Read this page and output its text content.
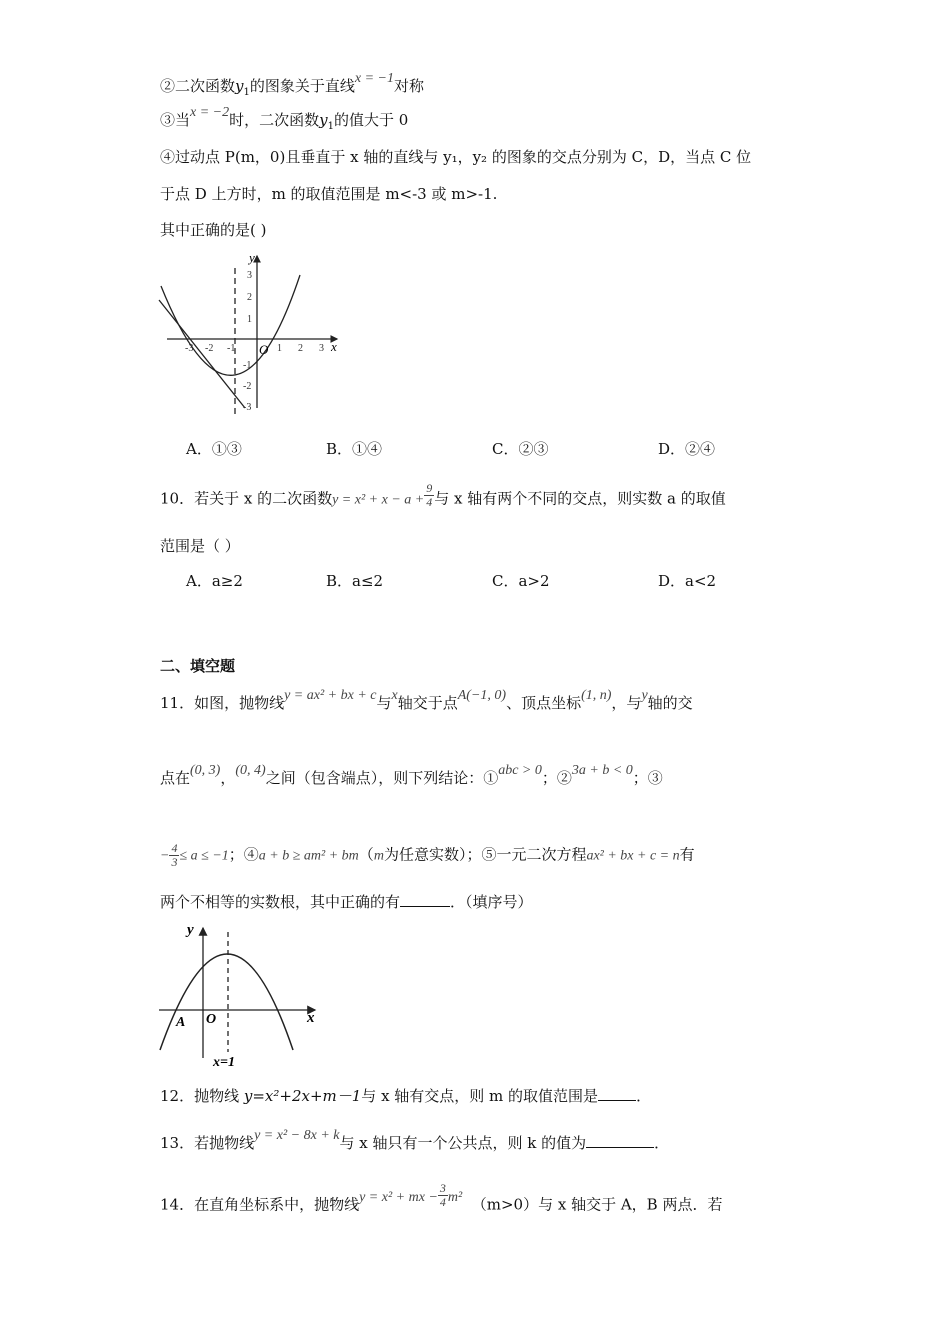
②二次函数$y_1$的图象关于直线x = −1对称
③当x = −2时，二次函数$y_1$的值大于 0
④过动点 P(m，0)且垂直于 x 轴的直线与 y₁，y₂ 的图象的交点分别为 C，D，当点 C 位
于点 D 上方时，m 的取值范围是 m<-3 或 m>-1.
其中正确的是( )
y
x
O
-3 -2 -1	1 2 3
3
2
1
-1
-2
-3
A．①③	B．①④	C．②③	D．②④
10．若关于 x 的二次函数$y = x^2 + x - a + \frac{9}{4}$ 与 x 轴有两个不同的交点，则实数 a 的取值
范围是（ ）
A．a≥2	B．a≤2	C．a>2	D．a<2
二、填空题
11．如图，抛物线y = ax² + bx + c与x轴交于点A(−1, 0)、顶点坐标(1, n)，与y轴的交
点在(0, 3)，(0, 4)之间（包含端点），则下列结论：①abc > 0；②3a + b < 0；③
− $\frac{4}{3} \le a \le -1$；④a + b ≥ am² + bm（m为任意实数）；⑤一元二次方程ax² + bx + c = n有
两个不相等的实数根，其中正确的有	．（填序号）
y
x
A O
x=1
12．抛物线 y=x²+2x+m－1与 x 轴有交点，则 m 的取值范围是	．
13．若抛物线y = x² − 8x + k与 x 轴只有一个公共点，则 k 的值为	．
14．在直角坐标系中，抛物线y = x² + mx − $\frac{3}{4} m^2$ （m>0）与 x 轴交于 A，B 两点．若
